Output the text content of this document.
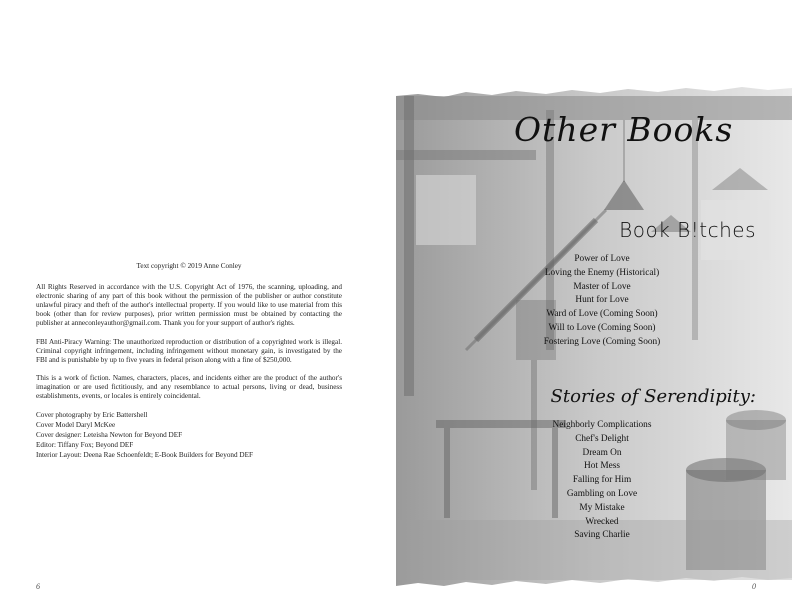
Text copyright © 2019 Anne Conley

All Rights Reserved in accordance with the U.S. Copyright Act of 1976, the scanning, uploading, and electronic sharing of any part of this book without the permission of the publisher or author constitute unlawful piracy and theft of the author's intellectual property. If you would like to use material from this book (other than for review purposes), prior written permission must be obtained by contacting the publisher at anneconleyauthor@gmail.com. Thank you for your support of author's rights.

FBI Anti-Piracy Warning: The unauthorized reproduction or distribution of a copyrighted work is illegal. Criminal copyright infringement, including infringement without monetary gain, is investigated by the FBI and is punishable by up to five years in federal prison along with a fine of $250,000.

This is a work of fiction. Names, characters, places, and incidents either are the product of the author's imagination or are used fictitiously, and any resemblance to actual persons, living or dead, business establishments, events, or locales is entirely coincidental.

Cover photography by Eric Battershell
Cover Model Daryl McKee
Cover designer: Leteisha Newton for Beyond DEF
Editor: Tiffany Fox; Beyond DEF
Interior Layout: Deena Rae Schoenfeldt; E-Book Builders for Beyond DEF
Other Books
Book B!tches
Power of Love
Loving the Enemy (Historical)
Master of Love
Hunt for Love
Ward of Love (Coming Soon)
Will to Love (Coming Soon)
Fostering Love (Coming Soon)
Stories of Serendipity:
Neighborly Complications
Chef's Delight
Dream On
Hot Mess
Falling for Him
Gambling on Love
My Mistake
Wrecked
Saving Charlie
6	0
